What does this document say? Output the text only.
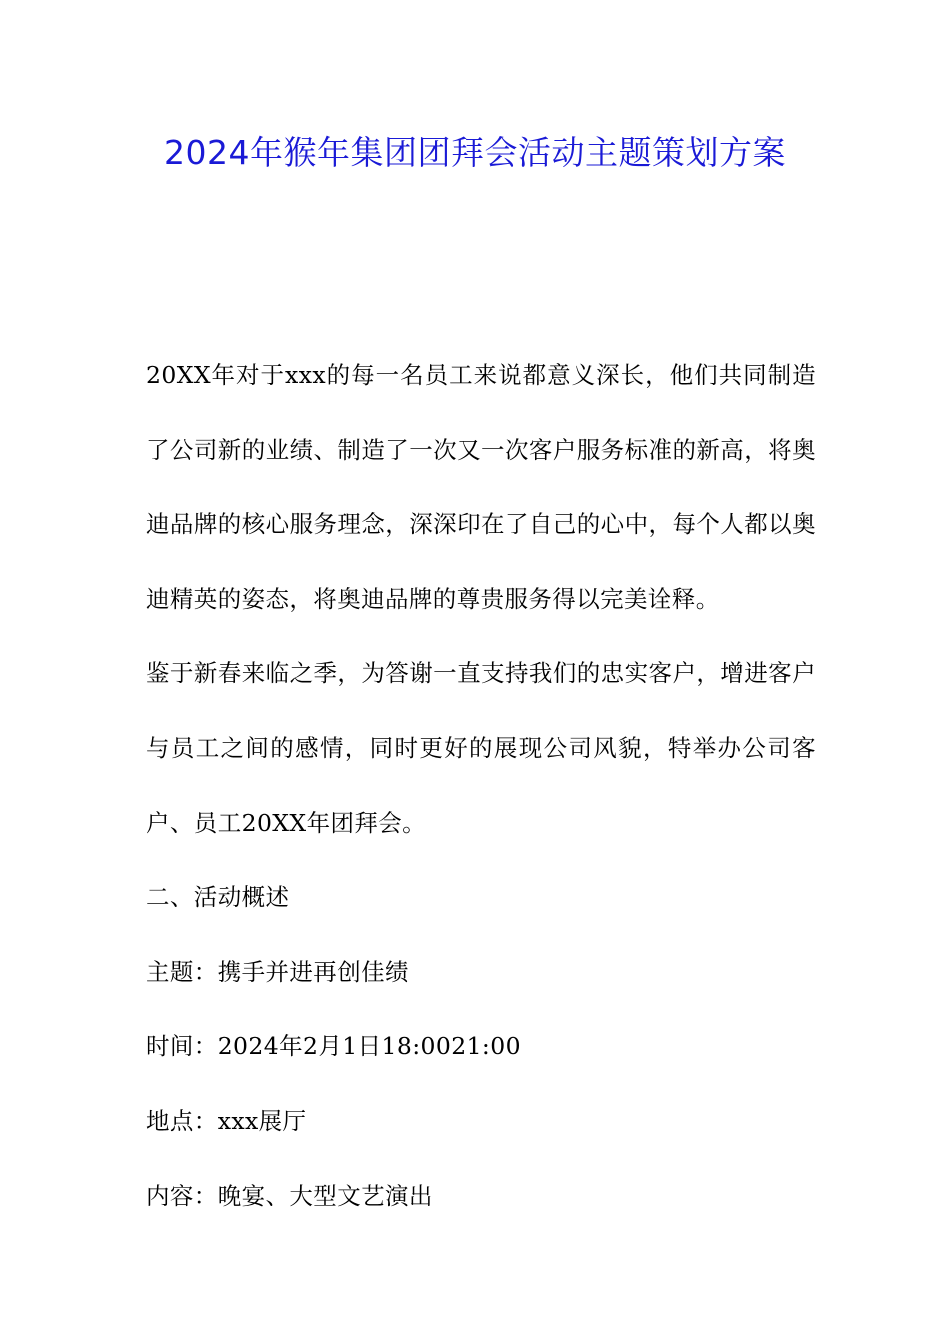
2024年猴年集团团拜会活动主题策划方案

20XX年对于xxx的每一名员工来说都意义深长，他们共同制造了公司新的业绩、制造了一次又一次客户服务标准的新高，将奥迪品牌的核心服务理念，深深印在了自己的心中，每个人都以奥迪精英的姿态，将奥迪品牌的尊贵服务得以完美诠释。

鉴于新春来临之季，为答谢一直支持我们的忠实客户，增进客户与员工之间的感情，同时更好的展现公司风貌，特举办公司客户、员工20XX年团拜会。

二、活动概述

主题：携手并进再创佳绩

时间：2024年2月1日18:0021:00

地点：xxx展厅

内容：晚宴、大型文艺演出
